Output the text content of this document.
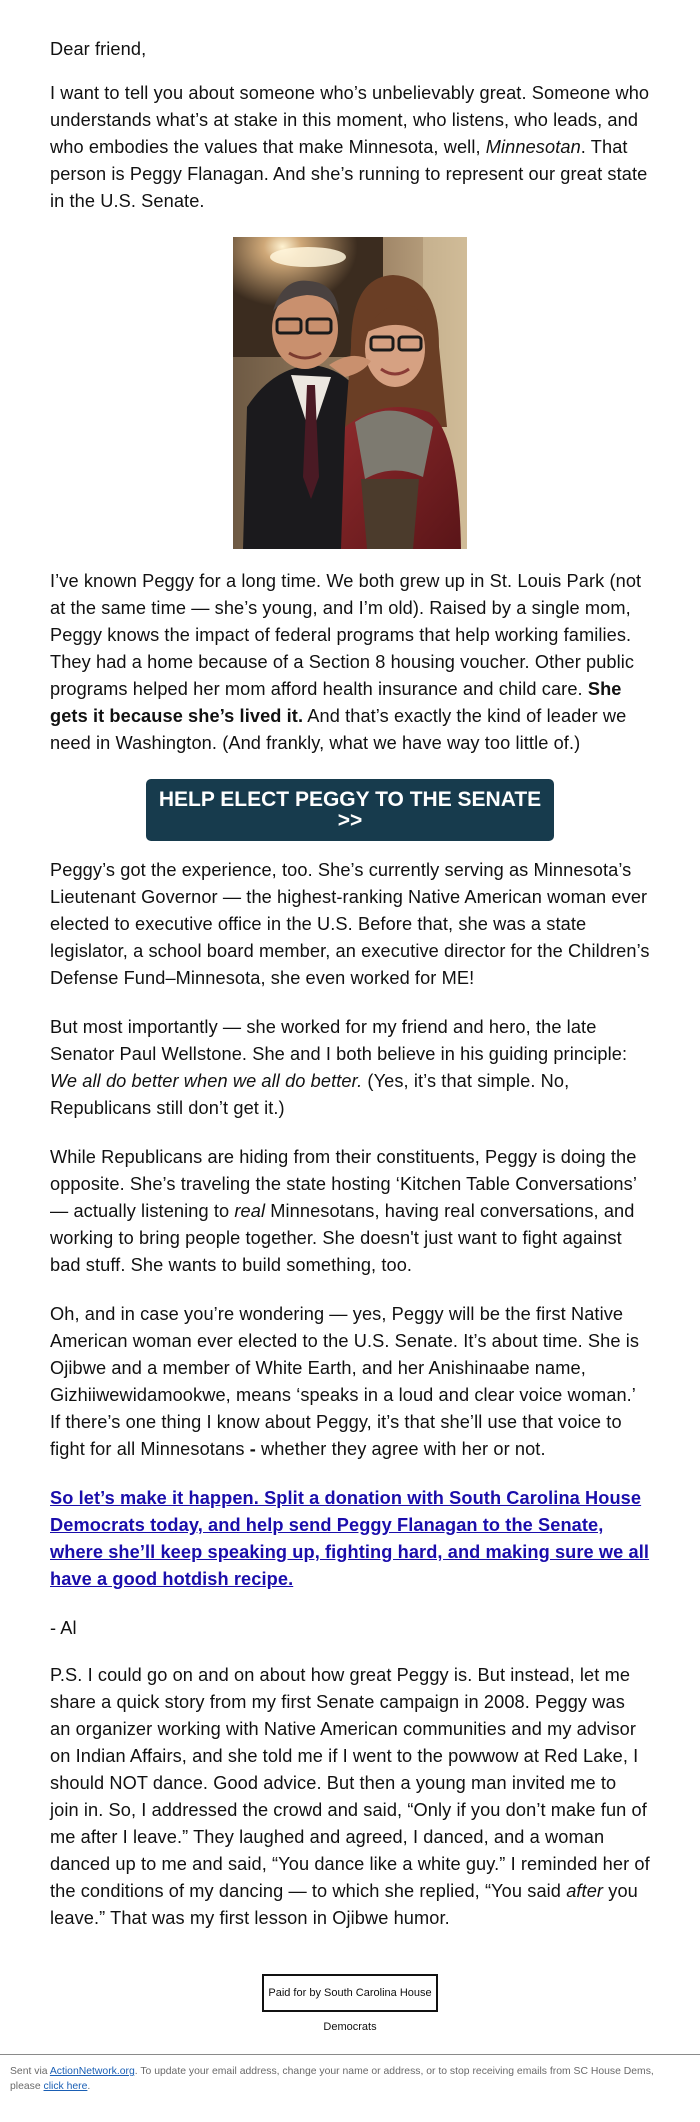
Dear friend,

I want to tell you about someone who’s unbelievably great. Someone who understands what’s at stake in this moment, who listens, who leads, and who embodies the values that make Minnesota, well, Minnesotan. That person is Peggy Flanagan. And she’s running to represent our great state in the U.S. Senate.

I’ve known Peggy for a long time. We both grew up in St. Louis Park (not at the same time — she’s young, and I’m old). Raised by a single mom, Peggy knows the impact of federal programs that help working families. They had a home because of a Section 8 housing voucher. Other public programs helped her mom afford health insurance and child care. She gets it because she’s lived it. And that’s exactly the kind of leader we need in Washington. (And frankly, what we have way too little of.)

HELP ELECT PEGGY TO THE SENATE
>>

Peggy’s got the experience, too. She’s currently serving as Minnesota’s Lieutenant Governor — the highest-ranking Native American woman ever elected to executive office in the U.S. Before that, she was a state legislator, a school board member, an executive director for the Children’s Defense Fund–Minnesota, she even worked for ME!

But most importantly — she worked for my friend and hero, the late Senator Paul Wellstone. She and I both believe in his guiding principle: We all do better when we all do better. (Yes, it’s that simple. No, Republicans still don’t get it.)

While Republicans are hiding from their constituents, Peggy is doing the opposite. She’s traveling the state hosting ‘Kitchen Table Conversations’ — actually listening to real Minnesotans, having real conversations, and working to bring people together. She doesn't just want to fight against bad stuff. She wants to build something, too.

Oh, and in case you’re wondering — yes, Peggy will be the first Native American woman ever elected to the U.S. Senate. It’s about time. She is Ojibwe and a member of White Earth, and her Anishinaabe name, Gizhiiwewidamookwe, means ‘speaks in a loud and clear voice woman.’ If there’s one thing I know about Peggy, it’s that she’ll use that voice to fight for all Minnesotans - whether they agree with her or not.

So let’s make it happen. Split a donation with South Carolina House Democrats today, and help send Peggy Flanagan to the Senate, where she’ll keep speaking up, fighting hard, and making sure we all have a good hotdish recipe.

- Al

P.S. I could go on and on about how great Peggy is. But instead, let me share a quick story from my first Senate campaign in 2008. Peggy was an organizer working with Native American communities and my advisor on Indian Affairs, and she told me if I went to the powwow at Red Lake, I should NOT dance. Good advice. But then a young man invited me to join in. So, I addressed the crowd and said, “Only if you don’t make fun of me after I leave.” They laughed and agreed, I danced, and a woman danced up to me and said, “You dance like a white guy.” I reminded her of the conditions of my dancing — to which she replied, “You said after you leave.” That was my first lesson in Ojibwe humor.

Paid for by South Carolina House Democrats
Sent via ActionNetwork.org. To update your email address, change your name or address, or to stop receiving emails from SC House Dems, please click here.
